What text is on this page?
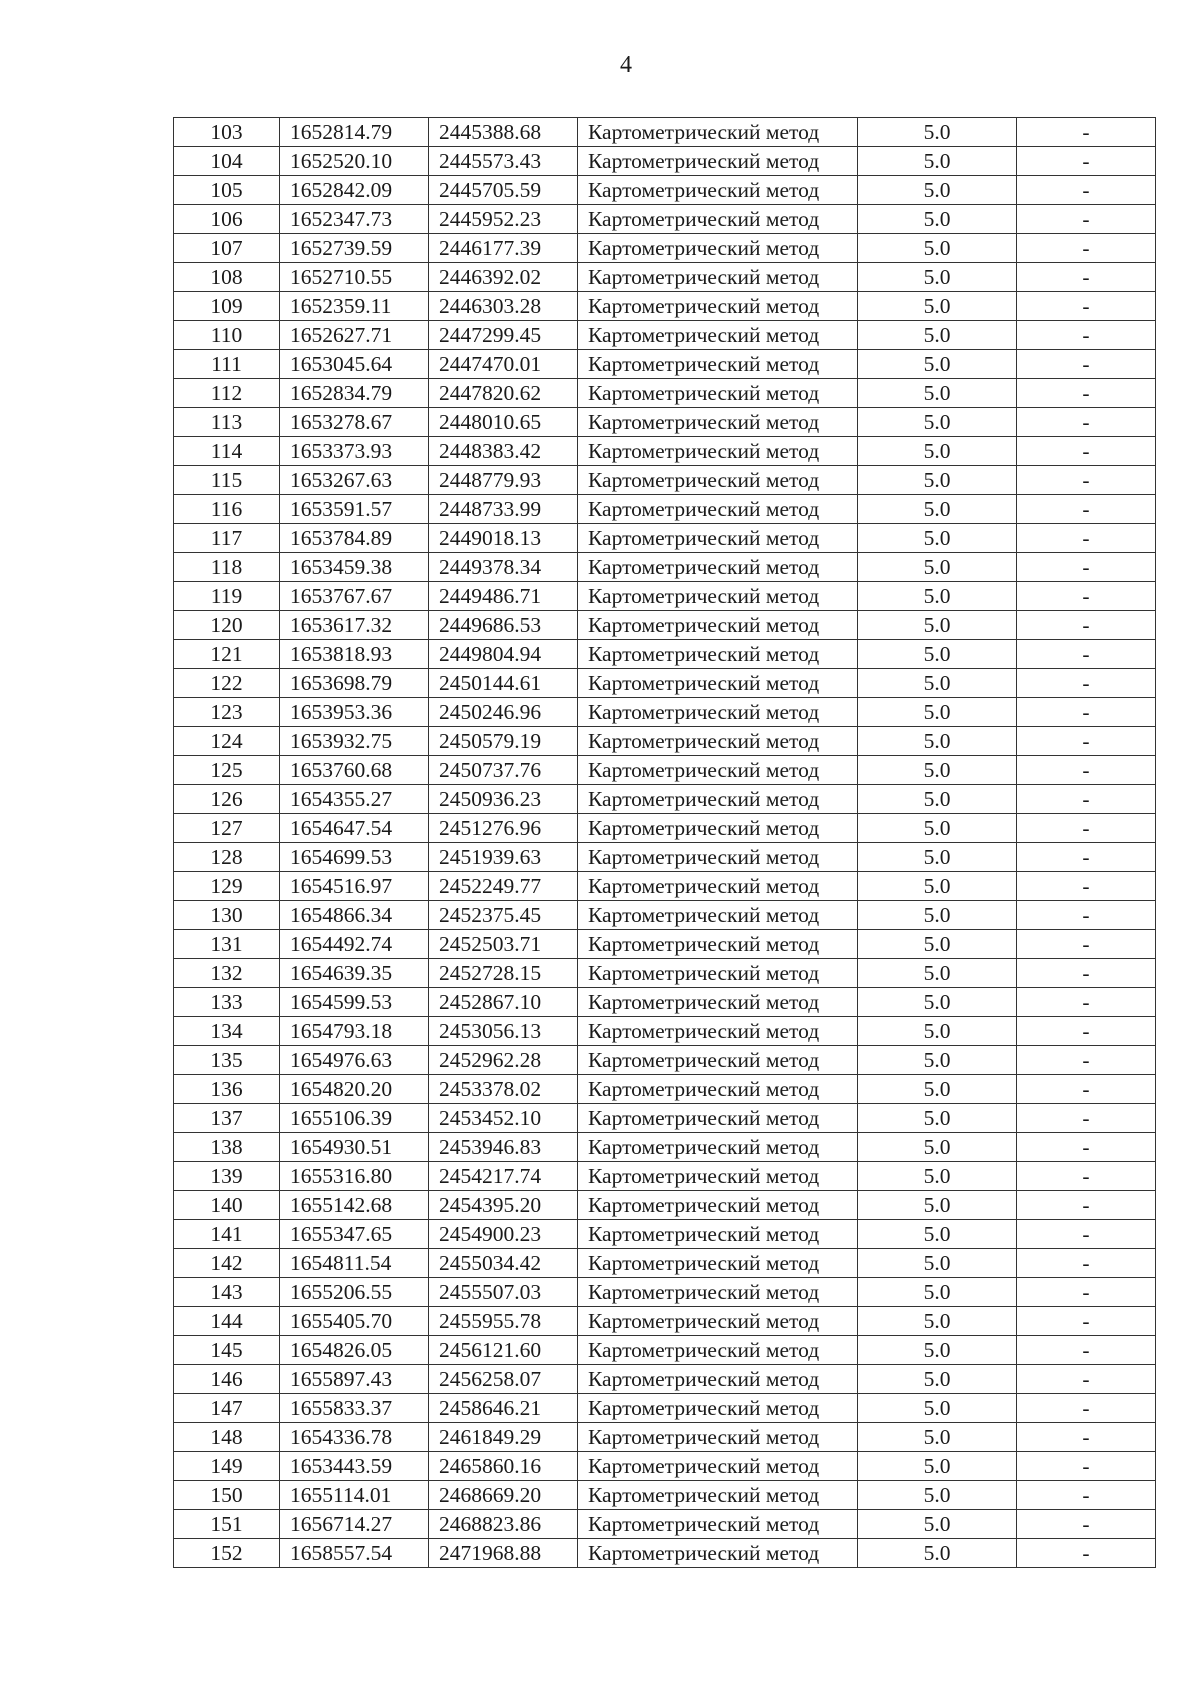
4
103	1652814.79	2445388.68	Картометрический метод	5.0	-
104	1652520.10	2445573.43	Картометрический метод	5.0	-
105	1652842.09	2445705.59	Картометрический метод	5.0	-
106	1652347.73	2445952.23	Картометрический метод	5.0	-
107	1652739.59	2446177.39	Картометрический метод	5.0	-
108	1652710.55	2446392.02	Картометрический метод	5.0	-
109	1652359.11	2446303.28	Картометрический метод	5.0	-
110	1652627.71	2447299.45	Картометрический метод	5.0	-
111	1653045.64	2447470.01	Картометрический метод	5.0	-
112	1652834.79	2447820.62	Картометрический метод	5.0	-
113	1653278.67	2448010.65	Картометрический метод	5.0	-
114	1653373.93	2448383.42	Картометрический метод	5.0	-
115	1653267.63	2448779.93	Картометрический метод	5.0	-
116	1653591.57	2448733.99	Картометрический метод	5.0	-
117	1653784.89	2449018.13	Картометрический метод	5.0	-
118	1653459.38	2449378.34	Картометрический метод	5.0	-
119	1653767.67	2449486.71	Картометрический метод	5.0	-
120	1653617.32	2449686.53	Картометрический метод	5.0	-
121	1653818.93	2449804.94	Картометрический метод	5.0	-
122	1653698.79	2450144.61	Картометрический метод	5.0	-
123	1653953.36	2450246.96	Картометрический метод	5.0	-
124	1653932.75	2450579.19	Картометрический метод	5.0	-
125	1653760.68	2450737.76	Картометрический метод	5.0	-
126	1654355.27	2450936.23	Картометрический метод	5.0	-
127	1654647.54	2451276.96	Картометрический метод	5.0	-
128	1654699.53	2451939.63	Картометрический метод	5.0	-
129	1654516.97	2452249.77	Картометрический метод	5.0	-
130	1654866.34	2452375.45	Картометрический метод	5.0	-
131	1654492.74	2452503.71	Картометрический метод	5.0	-
132	1654639.35	2452728.15	Картометрический метод	5.0	-
133	1654599.53	2452867.10	Картометрический метод	5.0	-
134	1654793.18	2453056.13	Картометрический метод	5.0	-
135	1654976.63	2452962.28	Картометрический метод	5.0	-
136	1654820.20	2453378.02	Картометрический метод	5.0	-
137	1655106.39	2453452.10	Картометрический метод	5.0	-
138	1654930.51	2453946.83	Картометрический метод	5.0	-
139	1655316.80	2454217.74	Картометрический метод	5.0	-
140	1655142.68	2454395.20	Картометрический метод	5.0	-
141	1655347.65	2454900.23	Картометрический метод	5.0	-
142	1654811.54	2455034.42	Картометрический метод	5.0	-
143	1655206.55	2455507.03	Картометрический метод	5.0	-
144	1655405.70	2455955.78	Картометрический метод	5.0	-
145	1654826.05	2456121.60	Картометрический метод	5.0	-
146	1655897.43	2456258.07	Картометрический метод	5.0	-
147	1655833.37	2458646.21	Картометрический метод	5.0	-
148	1654336.78	2461849.29	Картометрический метод	5.0	-
149	1653443.59	2465860.16	Картометрический метод	5.0	-
150	1655114.01	2468669.20	Картометрический метод	5.0	-
151	1656714.27	2468823.86	Картометрический метод	5.0	-
152	1658557.54	2471968.88	Картометрический метод	5.0	-
